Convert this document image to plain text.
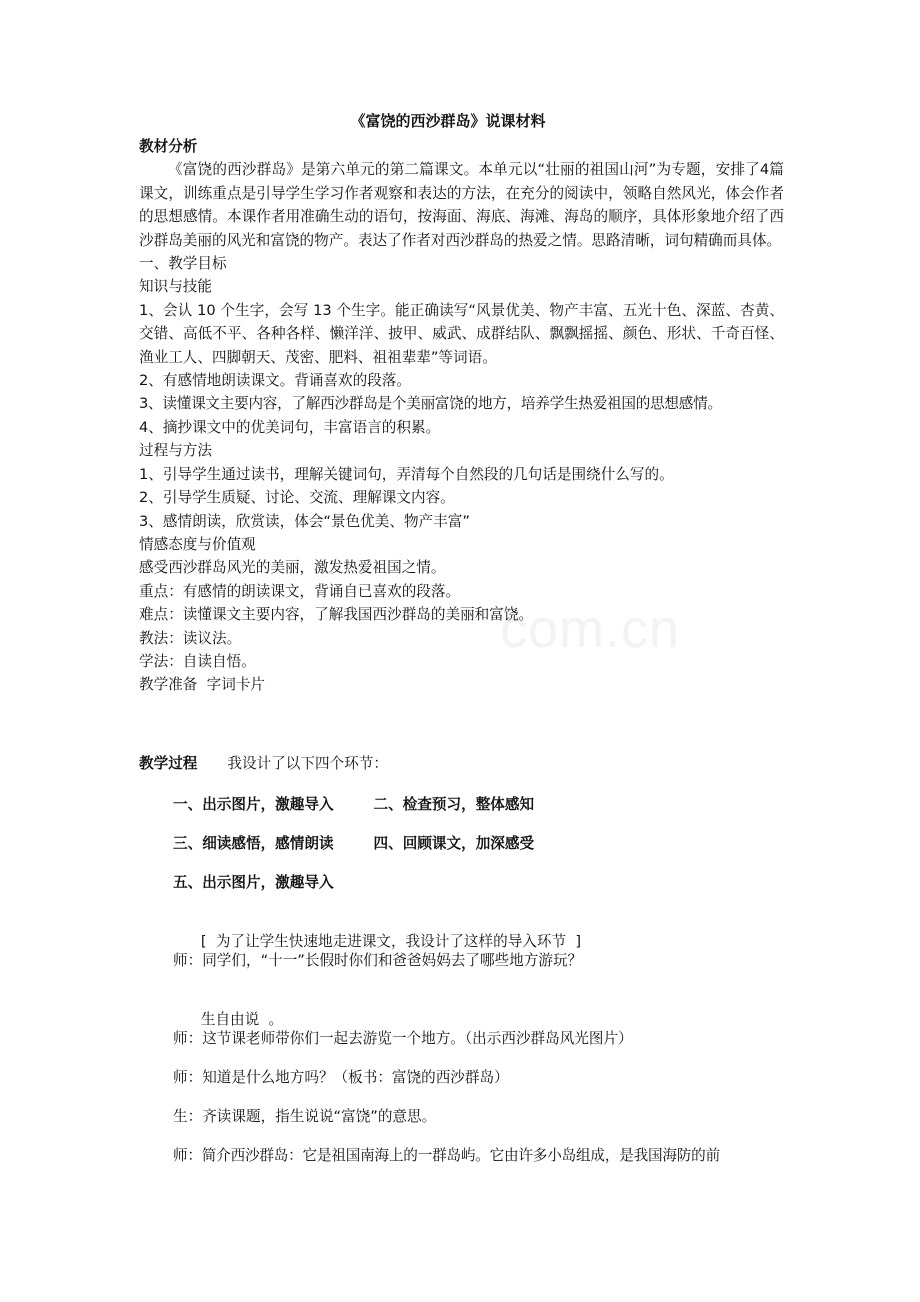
com.cn
《富饶的西沙群岛》说课材料

教材分析

《富饶的西沙群岛》是第六单元的第二篇课文。本单元以“壮丽的祖国山河”为专题，安排了4篇课文，训练重点是引导学生学习作者观察和表达的方法，在充分的阅读中，领略自然风光，体会作者的思想感情。本课作者用准确生动的语句，按海面、海底、海滩、海岛的顺序，具体形象地介绍了西沙群岛美丽的风光和富饶的物产。表达了作者对西沙群岛的热爱之情。思路清晰，词句精确而具体。

一、教学目标

知识与技能

1、会认 10 个生字，会写 13 个生字。能正确读写“风景优美、物产丰富、五光十色、深蓝、杏黄、交错、高低不平、各种各样、懒洋洋、披甲、威武、成群结队、飘飘摇摇、颜色、形状、千奇百怪、渔业工人、四脚朝天、茂密、肥料、祖祖辈辈”等词语。

2、有感情地朗读课文。背诵喜欢的段落。

3、读懂课文主要内容，了解西沙群岛是个美丽富饶的地方，培养学生热爱祖国的思想感情。

4、摘抄课文中的优美词句，丰富语言的积累。

过程与方法

1、引导学生通过读书，理解关键词句，弄清每个自然段的几句话是围绕什么写的。

2、引导学生质疑、讨论、交流、理解课文内容。

3、感情朗读，欣赏读，体会“景色优美、物产丰富”

情感态度与价值观

感受西沙群岛风光的美丽，激发热爱祖国之情。

重点：有感情的朗读课文，背诵自已喜欢的段落。

难点：读懂课文主要内容，了解我国西沙群岛的美丽和富饶。

教法：读议法。

学法：自读自悟。

教学准备  字词卡片

教学过程 我设计了以下四个环节：
一、出示图片，激趣导入	二、检查预习，整体感知
三、细读感悟，感情朗读	四、回顾课文，加深感受
五、出示图片，激趣导入

[  为了让学生快速地走进课文，我设计了这样的导入环节  ]

师：同学们，“十一”长假时你们和爸爸妈妈去了哪些地方游玩？

生自由说  。

师：这节课老师带你们一起去游览一个地方。（出示西沙群岛风光图片）
师：知道是什么地方吗？（板书：富饶的西沙群岛）
生：齐读课题，指生说说“富饶”的意思。
师：简介西沙群岛：它是祖国南海上的一群岛屿。它由许多小岛组成，是我国海防的前
